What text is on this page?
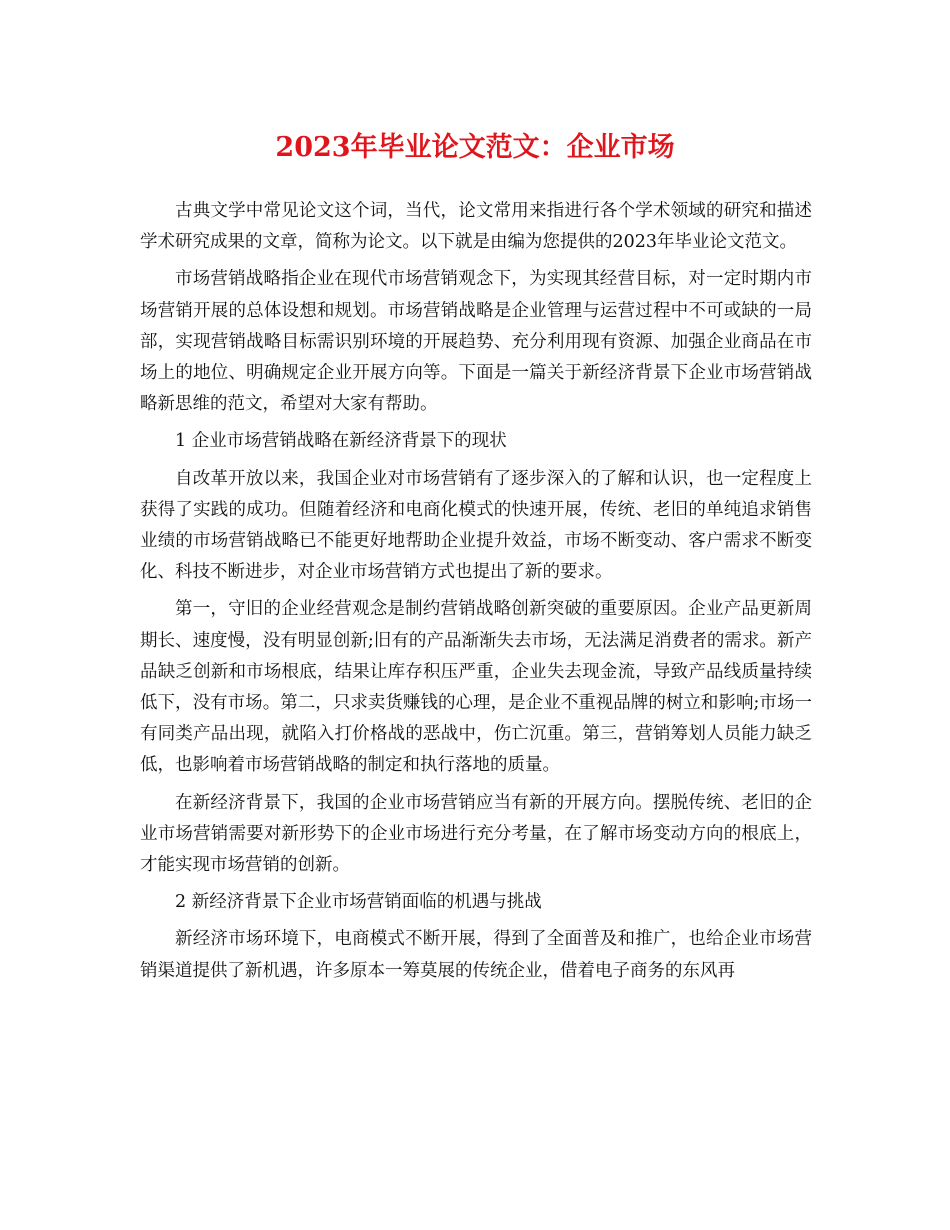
2023年毕业论文范文：企业市场

古典文学中常见论文这个词，当代，论文常用来指进行各个学术领域的研究和描述学术研究成果的文章，简称为论文。以下就是由编为您提供的2023年毕业论文范文。

市场营销战略指企业在现代市场营销观念下，为实现其经营目标，对一定时期内市场营销开展的总体设想和规划。市场营销战略是企业管理与运营过程中不可或缺的一局部，实现营销战略目标需识别环境的开展趋势、充分利用现有资源、加强企业商品在市场上的地位、明确规定企业开展方向等。下面是一篇关于新经济背景下企业市场营销战略新思维的范文，希望对大家有帮助。

1 企业市场营销战略在新经济背景下的现状

自改革开放以来，我国企业对市场营销有了逐步深入的了解和认识，也一定程度上获得了实践的成功。但随着经济和电商化模式的快速开展，传统、老旧的单纯追求销售业绩的市场营销战略已不能更好地帮助企业提升效益，市场不断变动、客户需求不断变化、科技不断进步，对企业市场营销方式也提出了新的要求。

第一，守旧的企业经营观念是制约营销战略创新突破的重要原因。企业产品更新周期长、速度慢，没有明显创新;旧有的产品渐渐失去市场，无法满足消费者的需求。新产品缺乏创新和市场根底，结果让库存积压严重，企业失去现金流，导致产品线质量持续低下，没有市场。第二，只求卖货赚钱的心理，是企业不重视品牌的树立和影响;市场一有同类产品出现，就陷入打价格战的恶战中，伤亡沉重。第三，营销筹划人员能力缺乏低，也影响着市场营销战略的制定和执行落地的质量。

在新经济背景下，我国的企业市场营销应当有新的开展方向。摆脱传统、老旧的企业市场营销需要对新形势下的企业市场进行充分考量，在了解市场变动方向的根底上，才能实现市场营销的创新。

2 新经济背景下企业市场营销面临的机遇与挑战

新经济市场环境下，电商模式不断开展，得到了全面普及和推广，也给企业市场营销渠道提供了新机遇，许多原本一筹莫展的传统企业，借着电子商务的东风再
